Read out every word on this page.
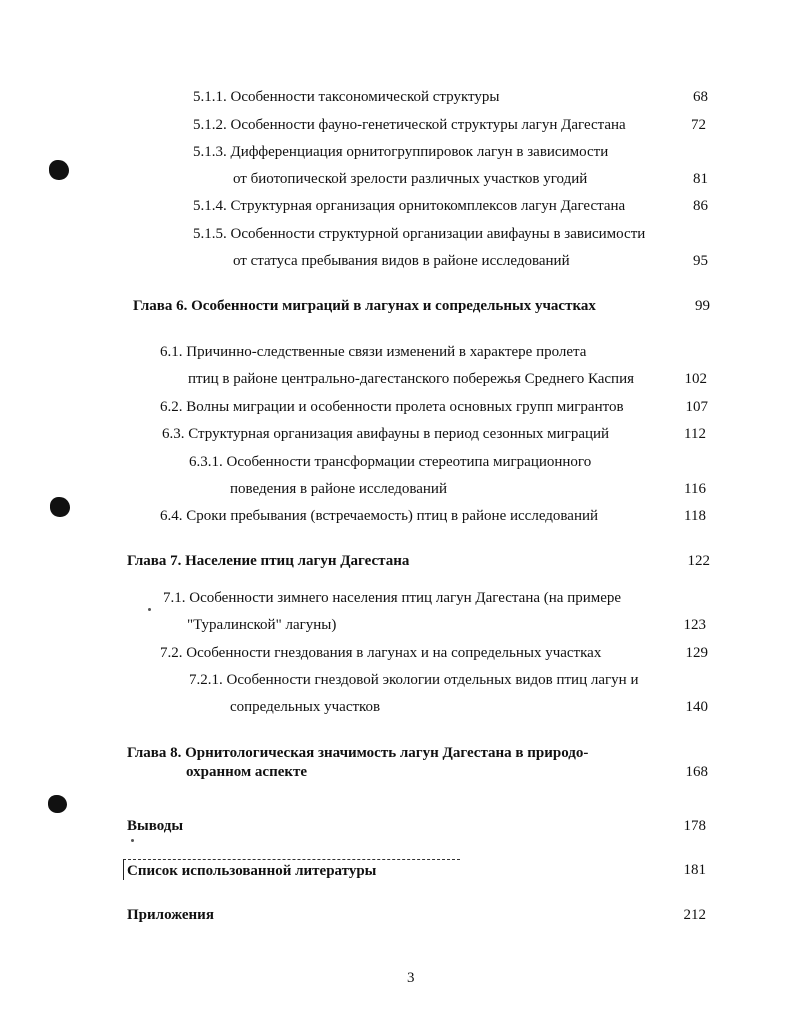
5.1.1. Особенности таксономической структуры	68
5.1.2. Особенности фауно-генетической структуры лагун Дагестана	72
5.1.3. Дифференциация орнитогруппировок лагун в зависимости
от биотопической зрелости различных участков угодий	81
5.1.4. Структурная организация орнитокомплексов лагун Дагестана	86
5.1.5. Особенности структурной организации авифауны в зависимости
от статуса пребывания видов в районе исследований	95
Глава 6. Особенности миграций в лагунах и сопредельных участках	99
6.1. Причинно-следственные связи изменений в характере пролета
птиц в районе центрально-дагестанского побережья Среднего Каспия	102
6.2. Волны миграции и особенности пролета основных групп мигрантов	107
6.3. Структурная организация авифауны в период сезонных миграций	112
6.3.1. Особенности трансформации стереотипа миграционного
поведения в районе исследований	116
6.4. Сроки пребывания (встречаемость) птиц в районе исследований	118
Глава 7. Население птиц лагун Дагестана	122
7.1. Особенности зимнего населения птиц лагун Дагестана (на примере
"Туралинской" лагуны)	123
7.2. Особенности гнездования в лагунах и на сопредельных участках	129
7.2.1. Особенности гнездовой экологии отдельных видов птиц лагун и
сопредельных участков	140
Глава 8. Орнитологическая значимость лагун Дагестана в природо-
охранном аспекте	168
Выводы	178
Список использованной литературы	181
Приложения	212
3
